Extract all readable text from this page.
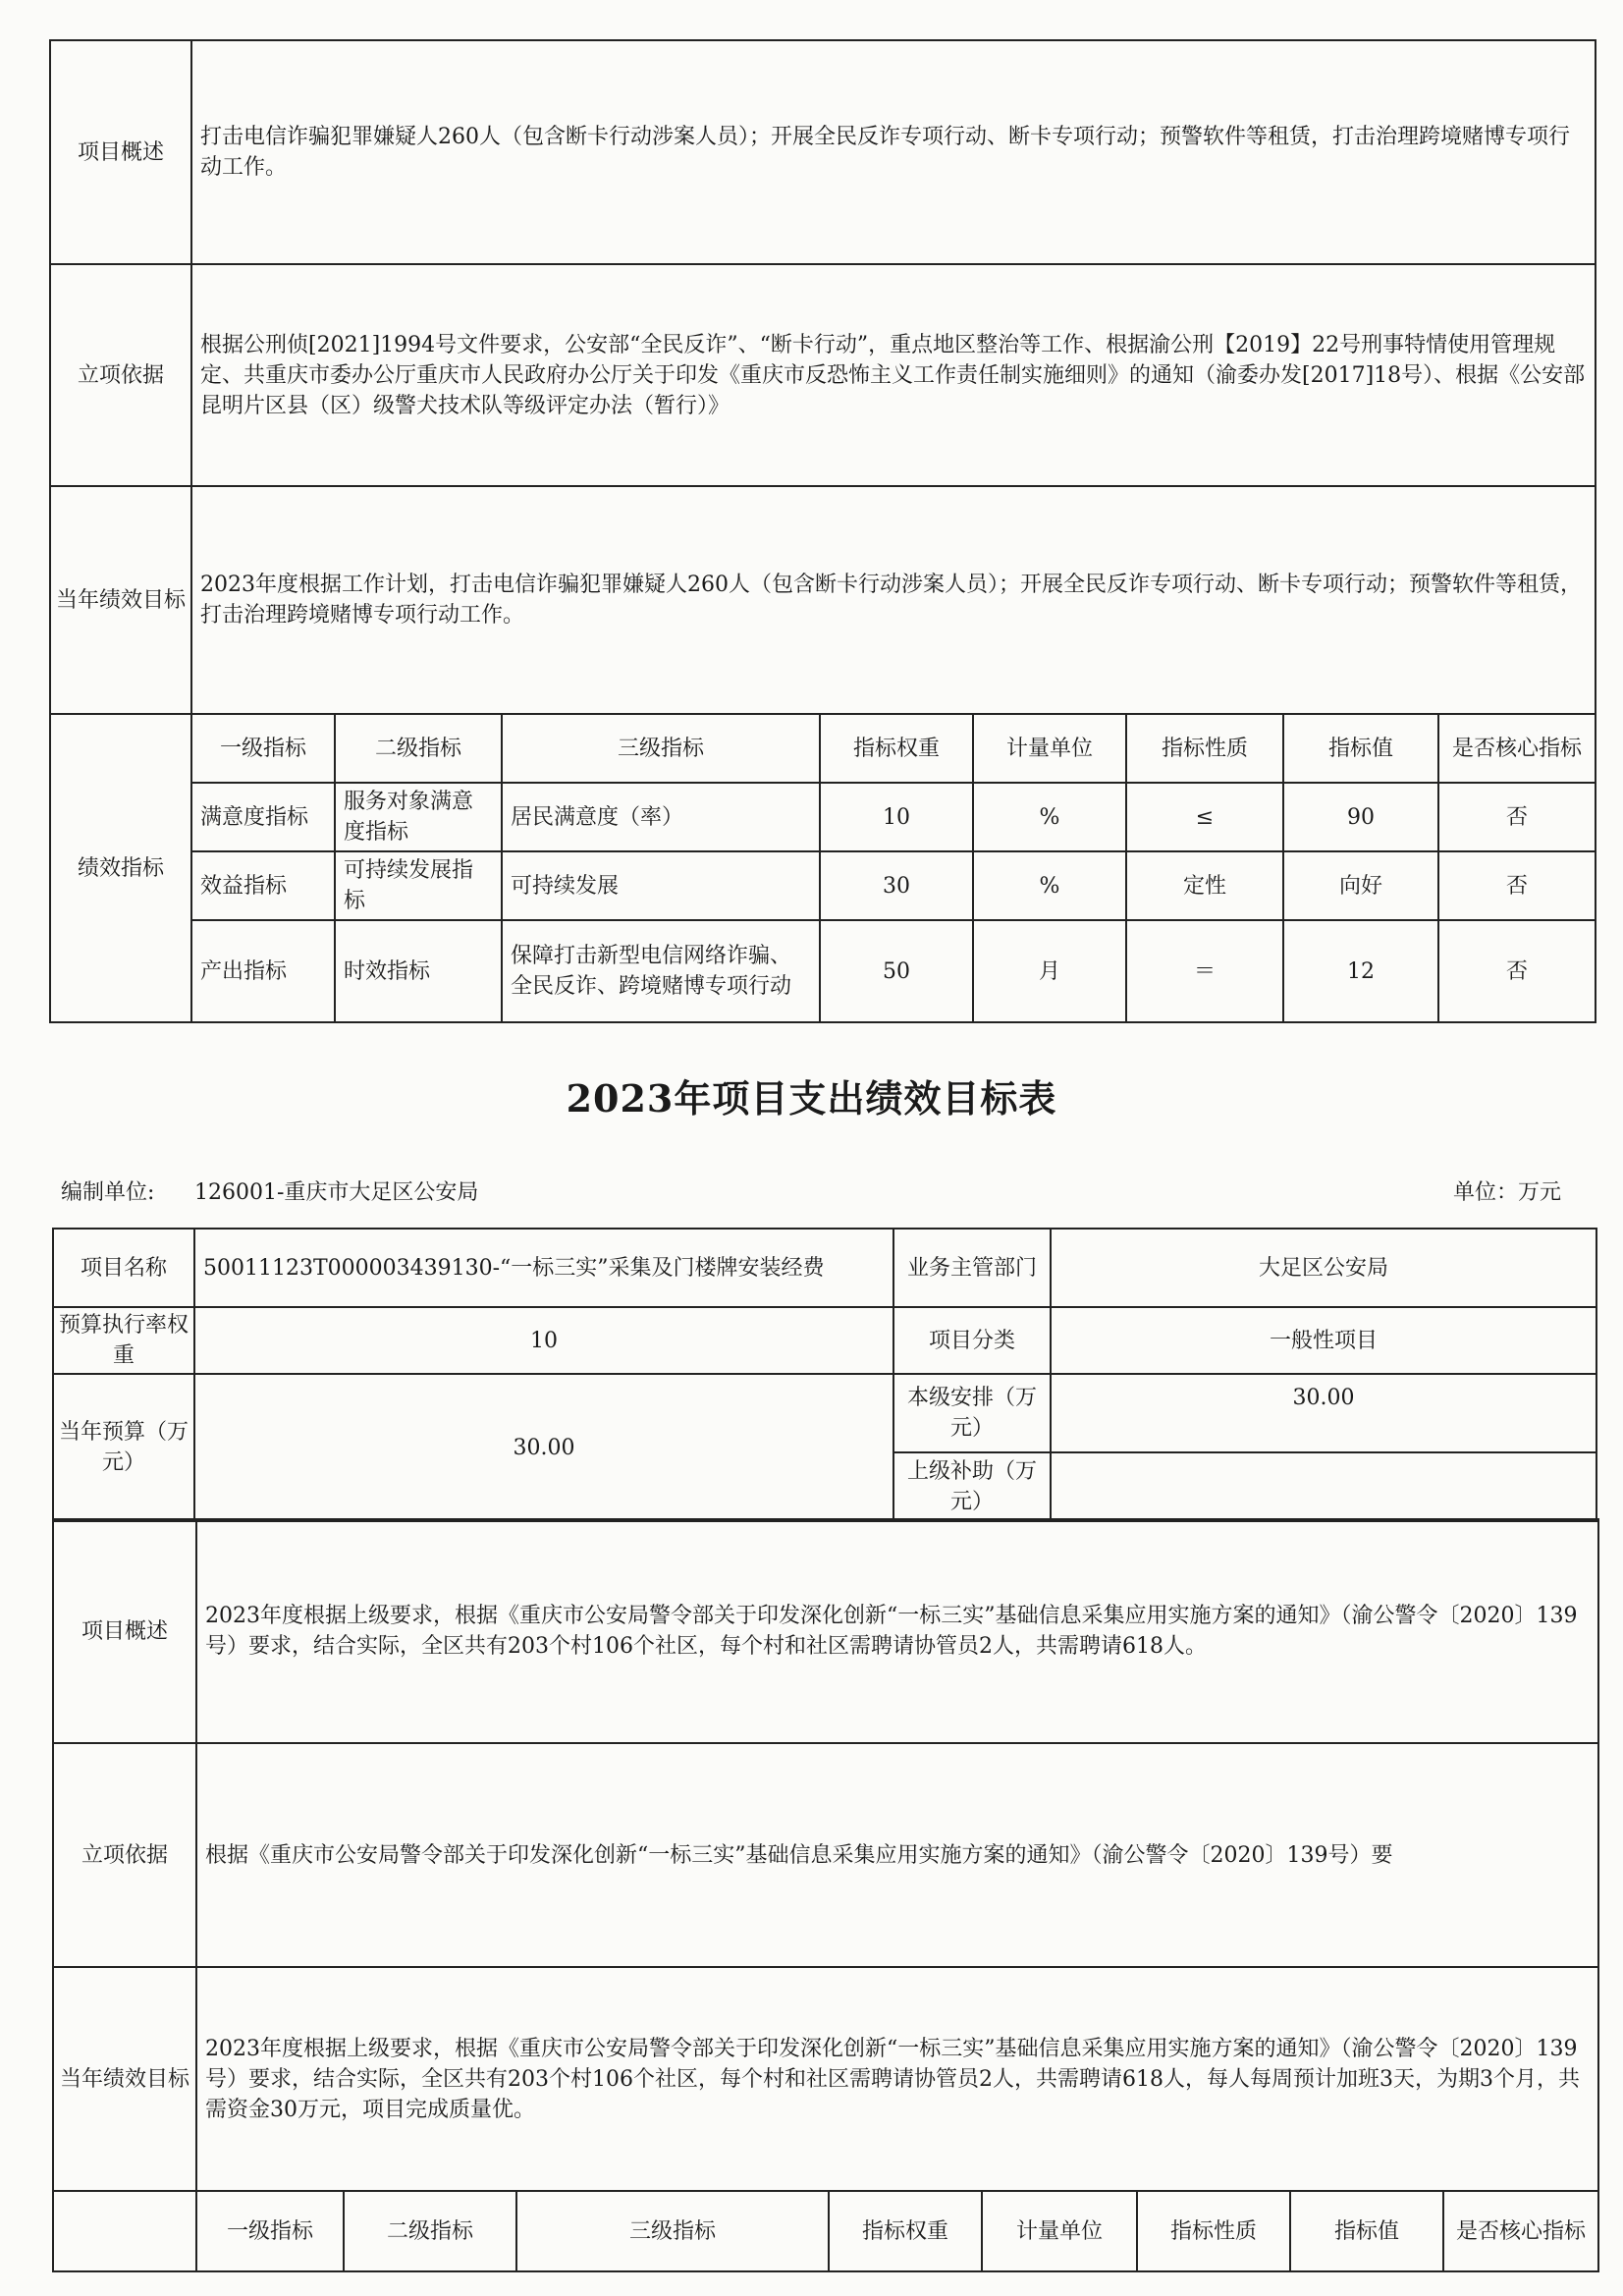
项目概述	打击电信诈骗犯罪嫌疑人260人（包含断卡行动涉案人员）；开展全民反诈专项行动、断卡专项行动；预警软件等租赁，打击治理跨境赌博专项行动工作。							
立项依据	根据公刑侦[2021]1994号文件要求，公安部“全民反诈”、“断卡行动”，重点地区整治等工作、根据渝公刑【2019】22号刑事特情使用管理规定、共重庆市委办公厅重庆市人民政府办公厅关于印发《重庆市反恐怖主义工作责任制实施细则》的通知（渝委办发[2017]18号）、根据《公安部昆明片区县（区）级警犬技术队等级评定办法（暂行）》							
当年绩效目标	2023年度根据工作计划，打击电信诈骗犯罪嫌疑人260人（包含断卡行动涉案人员）；开展全民反诈专项行动、断卡专项行动；预警软件等租赁，打击治理跨境赌博专项行动工作。							
绩效指标	一级指标	二级指标	三级指标	指标权重	计量单位	指标性质	指标值	是否核心指标
	满意度指标	服务对象满意度指标	居民满意度（率）	10	%	≤	90	否
	效益指标	可持续发展指标	可持续发展	30	%	定性	向好	否
	产出指标	时效指标	保障打击新型电信网络诈骗、全民反诈、跨境赌博专项行动	50	月	＝	12	否
2023年项目支出绩效目标表
编制单位: 126001-重庆市大足区公安局	单位：万元
项目名称	50011123T000003439130-“一标三实”采集及门楼牌安装经费	业务主管部门	大足区公安局
预算执行率权重	10	项目分类	一般性项目
当年预算（万元）	30.00	本级安排（万元）	30.00
		上级补助（万元）	
项目概述	2023年度根据上级要求，根据《重庆市公安局警令部关于印发深化创新“一标三实”基础信息采集应用实施方案的通知》（渝公警令〔2020〕139号）要求，结合实际，全区共有203个村106个社区，每个村和社区需聘请协管员2人，共需聘请618人。							
立项依据	根据《重庆市公安局警令部关于印发深化创新“一标三实”基础信息采集应用实施方案的通知》（渝公警令〔2020〕139号）要							
当年绩效目标	2023年度根据上级要求，根据《重庆市公安局警令部关于印发深化创新“一标三实”基础信息采集应用实施方案的通知》（渝公警令〔2020〕139号）要求，结合实际，全区共有203个村106个社区，每个村和社区需聘请协管员2人，共需聘请618人，每人每周预计加班3天，为期3个月，共需资金30万元，项目完成质量优。							
	一级指标	二级指标	三级指标	指标权重	计量单位	指标性质	指标值	是否核心指标
